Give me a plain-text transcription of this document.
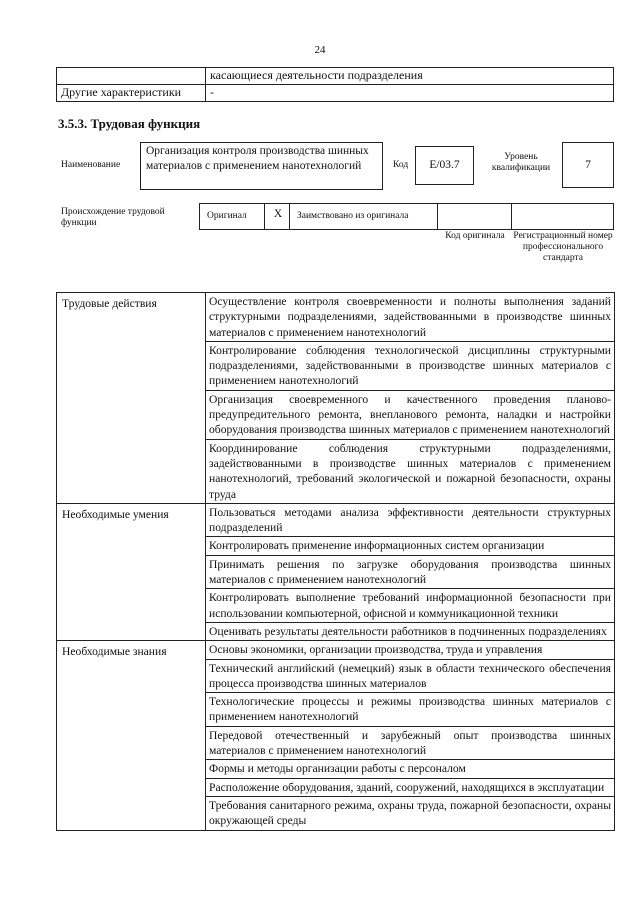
24
	касающиеся деятельности подразделения
Другие характеристики	-
3.5.3. Трудовая функция
Наименование
Организация контроля производства шинных материалов с применением нанотехнологий	Код E/03.7
Уровень квалификации	7
Происхождение трудовой функции
Оригинал	X	Заимствовано из оригинала
Код оригинала Регистрационный номер профессионального стандарта
Трудовые действия	Осуществление контроля своевременности и полноты выполнения заданий структурными подразделениями, задействованными в производстве шинных материалов с применением нанотехнологий
	Контролирование соблюдения технологической дисциплины структурными подразделениями, задействованными в производстве шинных материалов с применением нанотехнологий
	Организация своевременного и качественного проведения планово-предупредительного ремонта, внепланового ремонта, наладки и настройки оборудования производства шинных материалов с применением нанотехнологий
	Координирование соблюдения структурными подразделениями, задействованными в производстве шинных материалов с применением нанотехнологий, требований экологической и пожарной безопасности, охраны труда
Необходимые умения	Пользоваться методами анализа эффективности деятельности структурных подразделений
	Контролировать применение информационных систем организации
	Принимать решения по загрузке оборудования производства шинных материалов с применением нанотехнологий
	Контролировать выполнение требований информационной безопасности при использовании компьютерной, офисной и коммуникационной техники
	Оценивать результаты деятельности работников в подчиненных подразделениях
Необходимые знания	Основы экономики, организации производства, труда и управления
	Технический английский (немецкий) язык в области технического обеспечения процесса производства шинных материалов
	Технологические процессы и режимы производства шинных материалов с применением нанотехнологий
	Передовой отечественный и зарубежный опыт производства шинных материалов с применением нанотехнологий
	Формы и методы организации работы с персоналом
	Расположение оборудования, зданий, сооружений, находящихся в эксплуатации
	Требования санитарного режима, охраны труда, пожарной безопасности, охраны окружающей среды
